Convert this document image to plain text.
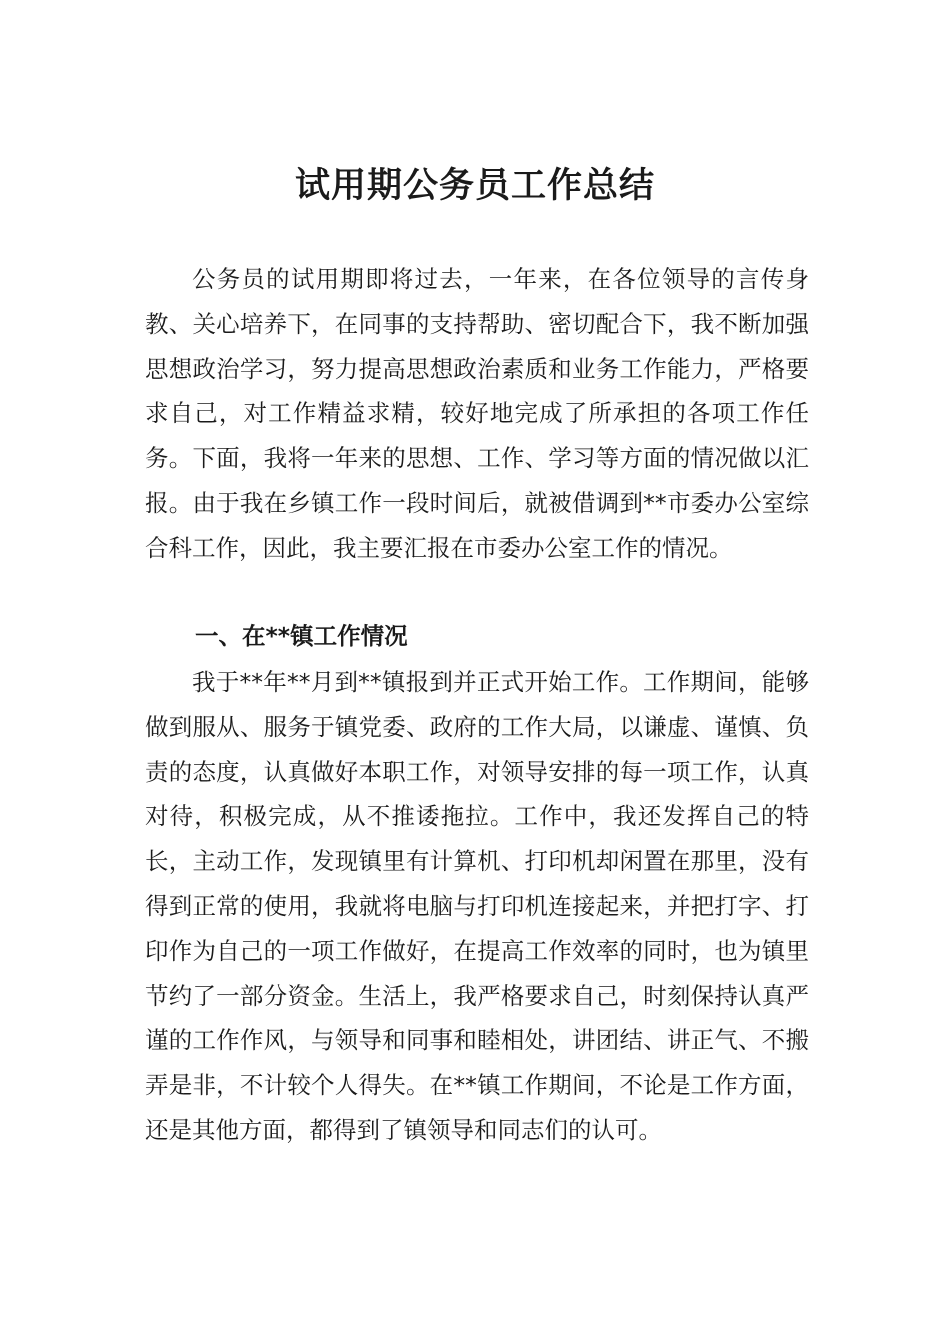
试用期公务员工作总结

公务员的试用期即将过去，一年来，在各位领导的言传身教、关心培养下，在同事的支持帮助、密切配合下，我不断加强思想政治学习，努力提高思想政治素质和业务工作能力，严格要求自己，对工作精益求精，较好地完成了所承担的各项工作任务。下面，我将一年来的思想、工作、学习等方面的情况做以汇报。由于我在乡镇工作一段时间后，就被借调到**市委办公室综合科工作，因此，我主要汇报在市委办公室工作的情况。

一、在**镇工作情况

我于**年**月到**镇报到并正式开始工作。工作期间，能够做到服从、服务于镇党委、政府的工作大局，以谦虚、谨慎、负责的态度，认真做好本职工作，对领导安排的每一项工作，认真对待，积极完成，从不推诿拖拉。工作中，我还发挥自己的特长，主动工作，发现镇里有计算机、打印机却闲置在那里，没有得到正常的使用，我就将电脑与打印机连接起来，并把打字、打印作为自己的一项工作做好，在提高工作效率的同时，也为镇里节约了一部分资金。生活上，我严格要求自己，时刻保持认真严谨的工作作风，与领导和同事和睦相处，讲团结、讲正气、不搬弄是非，不计较个人得失。在**镇工作期间，不论是工作方面，还是其他方面，都得到了镇领导和同志们的认可。
